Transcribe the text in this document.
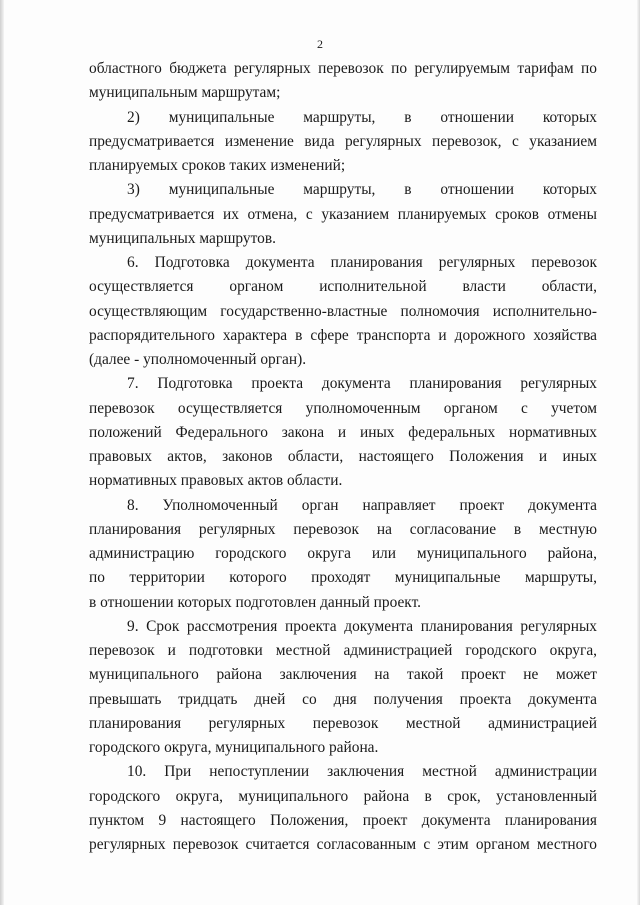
2
областного бюджета регулярных перевозок по регулируемым тарифам по
муниципальным маршрутам;
2) муниципальные маршруты, в отношении которых
предусматривается изменение вида регулярных перевозок, с указанием
планируемых сроков таких изменений;
3) муниципальные маршруты, в отношении которых
предусматривается их отмена, с указанием планируемых сроков отмены
муниципальных маршрутов.
6. Подготовка документа планирования регулярных перевозок
осуществляется органом исполнительной власти области,
осуществляющим государственно-властные полномочия исполнительно-
распорядительного характера в сфере транспорта и дорожного хозяйства
(далее - уполномоченный орган).
7. Подготовка проекта документа планирования регулярных
перевозок осуществляется уполномоченным органом с учетом
положений Федерального закона и иных федеральных нормативных
правовых актов, законов области, настоящего Положения и иных
нормативных правовых актов области.
8. Уполномоченный орган направляет проект документа
планирования регулярных перевозок на согласование в местную
администрацию городского округа или муниципального района,
по территории которого проходят муниципальные маршруты,
в отношении которых подготовлен данный проект.
9. Срок рассмотрения проекта документа планирования регулярных
перевозок и подготовки местной администрацией городского округа,
муниципального района заключения на такой проект не может
превышать тридцать дней со дня получения проекта документа
планирования регулярных перевозок местной администрацией
городского округа, муниципального района.
10. При непоступлении заключения местной администрации
городского округа, муниципального района в срок, установленный
пунктом 9 настоящего Положения, проект документа планирования
регулярных перевозок считается согласованным с этим органом местного
